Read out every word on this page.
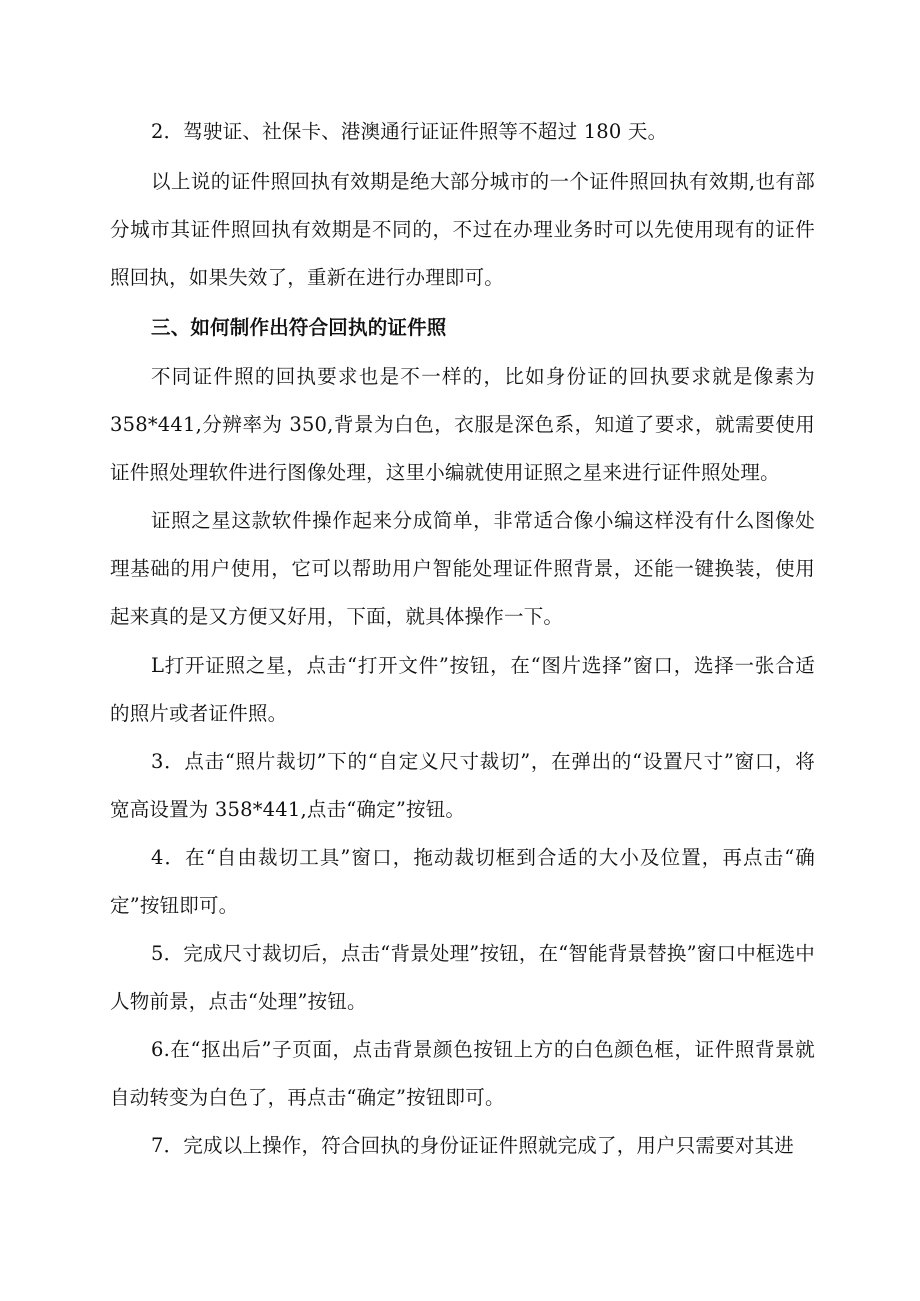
2．驾驶证、社保卡、港澳通行证证件照等不超过 180 天。

以上说的证件照回执有效期是绝大部分城市的一个证件照回执有效期,也有部分城市其证件照回执有效期是不同的，不过在办理业务时可以先使用现有的证件照回执，如果失效了，重新在进行办理即可。

三、如何制作出符合回执的证件照

不同证件照的回执要求也是不一样的，比如身份证的回执要求就是像素为 358*441,分辨率为 350,背景为白色，衣服是深色系，知道了要求，就需要使用证件照处理软件进行图像处理，这里小编就使用证照之星来进行证件照处理。

证照之星这款软件操作起来分成简单，非常适合像小编这样没有什么图像处理基础的用户使用，它可以帮助用户智能处理证件照背景，还能一键换装，使用起来真的是又方便又好用，下面，就具体操作一下。

L打开证照之星，点击“打开文件”按钮，在“图片选择”窗口，选择一张合适的照片或者证件照。

3．点击“照片裁切”下的“自定义尺寸裁切”，在弹出的“设置尺寸”窗口，将宽高设置为 358*441,点击“确定”按钮。

4．在“自由裁切工具”窗口，拖动裁切框到合适的大小及位置，再点击“确定”按钮即可。

5．完成尺寸裁切后，点击“背景处理”按钮，在“智能背景替换”窗口中框选中人物前景，点击“处理”按钮。

6.在“抠出后”子页面，点击背景颜色按钮上方的白色颜色框，证件照背景就自动转变为白色了，再点击“确定”按钮即可。

7．完成以上操作，符合回执的身份证证件照就完成了，用户只需要对其进
